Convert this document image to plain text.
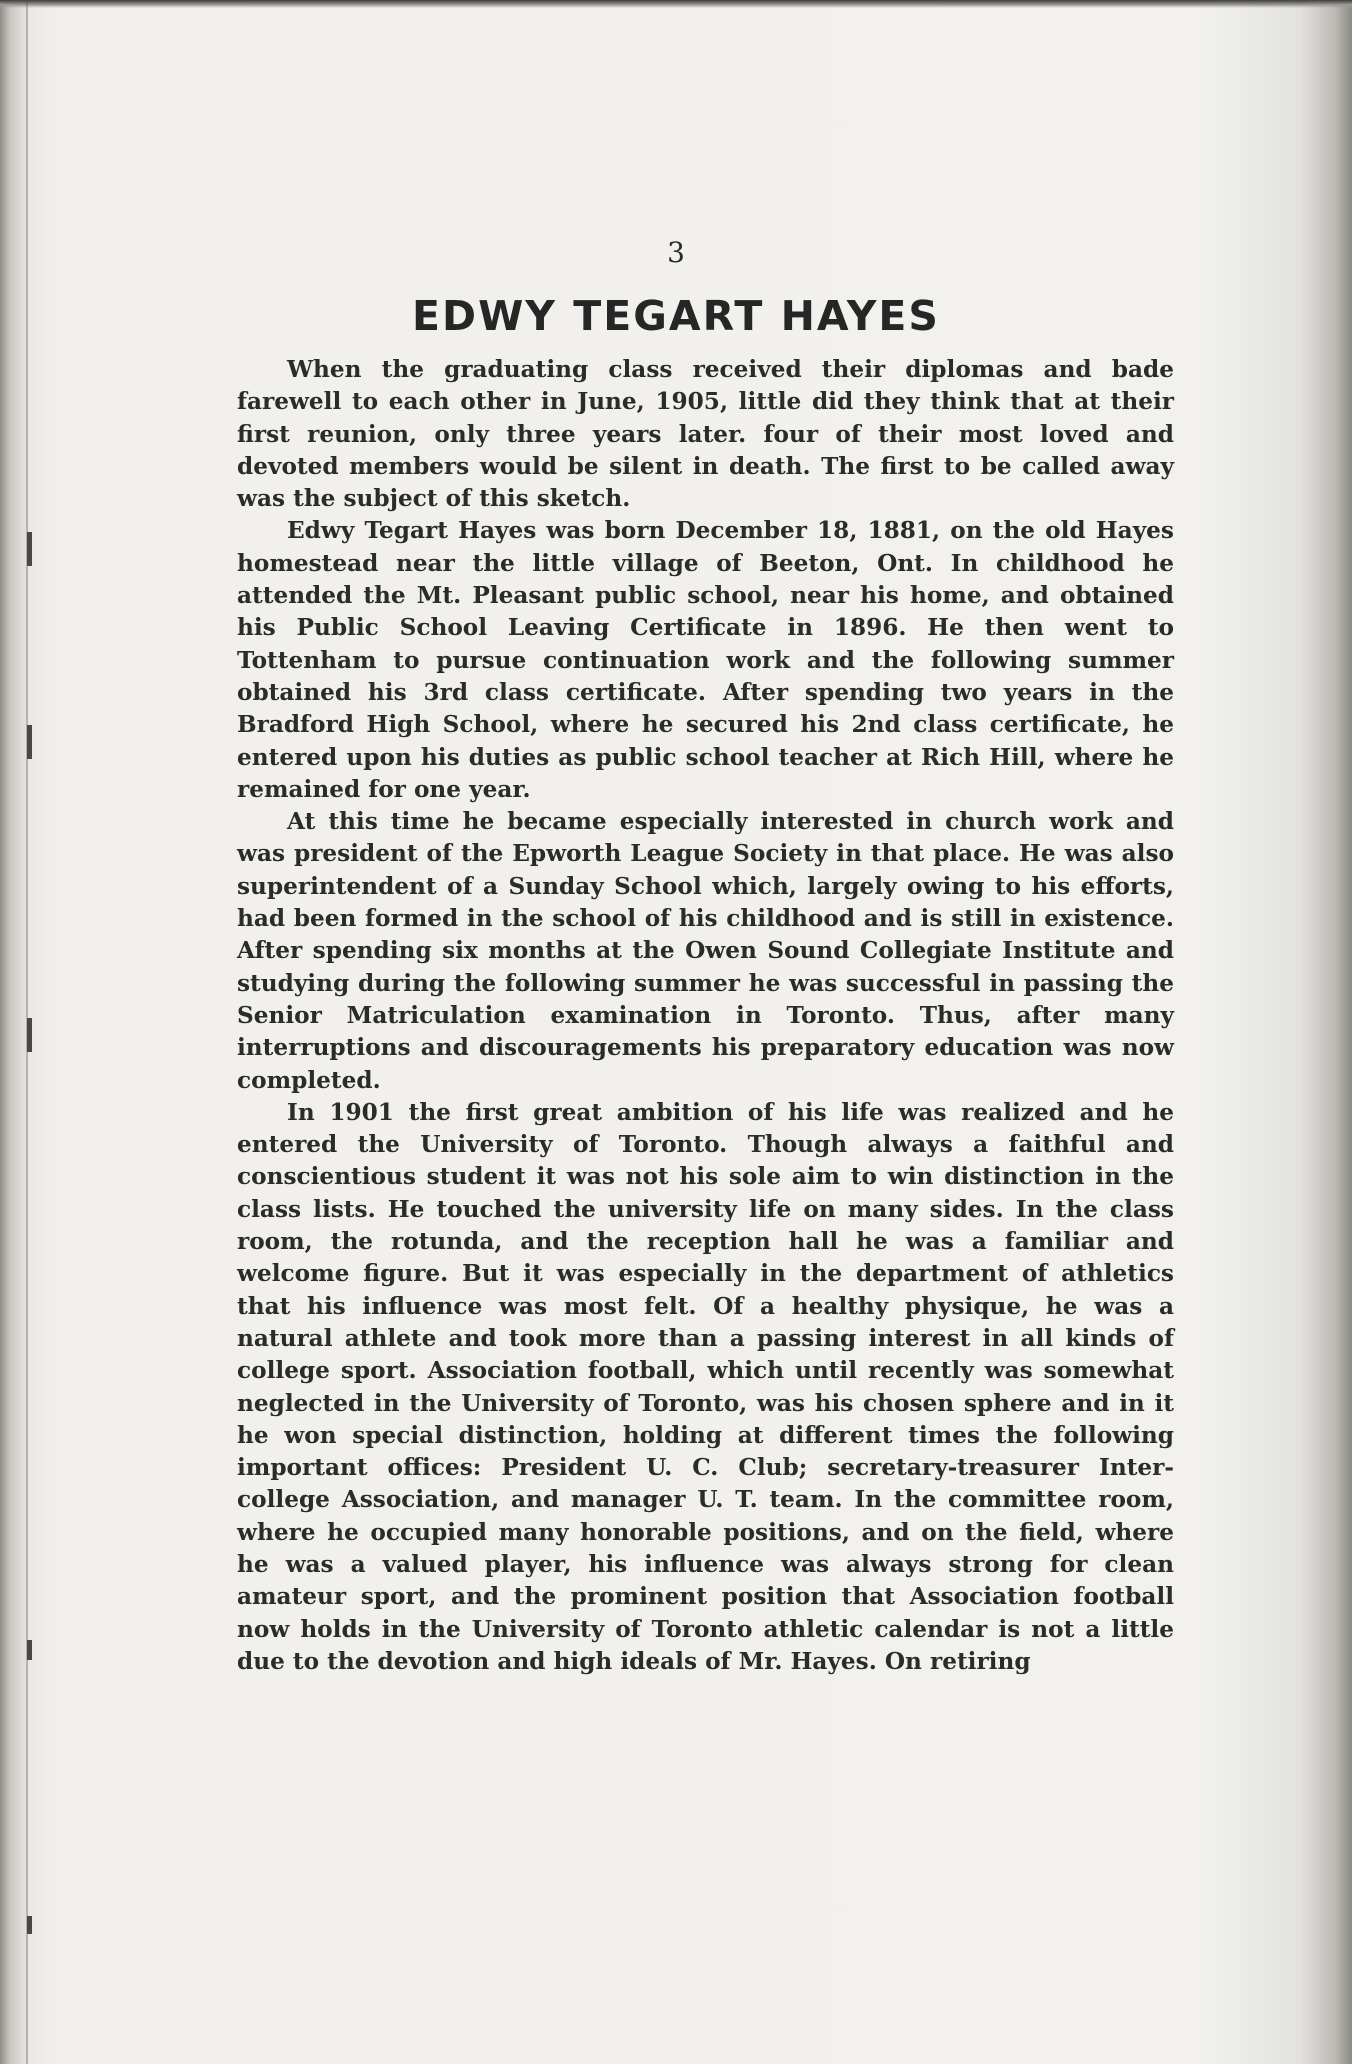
3
EDWY TEGART HAYES

When the graduating class received their diplomas and bade farewell to each other in June, 1905, little did they think that at their first reunion, only three years later. four of their most loved and devoted members would be silent in death. The first to be called away was the subject of this sketch.

Edwy Tegart Hayes was born December 18, 1881, on the old Hayes homestead near the little village of Beeton, Ont. In childhood he attended the Mt. Pleasant public school, near his home, and obtained his Public School Leaving Certificate in 1896. He then went to Tottenham to pursue continuation work and the following summer obtained his 3rd class certificate. After spending two years in the Bradford High School, where he secured his 2nd class certificate, he entered upon his duties as public school teacher at Rich Hill, where he remained for one year.

At this time he became especially interested in church work and was president of the Epworth League Society in that place. He was also superintendent of a Sunday School which, largely owing to his efforts, had been formed in the school of his childhood and is still in existence. After spending six months at the Owen Sound Collegiate Institute and studying during the following summer he was successful in passing the Senior Matriculation examination in Toronto. Thus, after many interruptions and discouragements his preparatory education was now completed.

In 1901 the first great ambition of his life was realized and he entered the University of Toronto. Though always a faithful and conscientious student it was not his sole aim to win distinction in the class lists. He touched the university life on many sides. In the class room, the rotunda, and the reception hall he was a familiar and welcome figure. But it was especially in the department of athletics that his influence was most felt. Of a healthy physique, he was a natural athlete and took more than a passing interest in all kinds of college sport. Association football, which until recently was somewhat neglected in the University of Toronto, was his chosen sphere and in it he won special distinction, holding at different times the following important offices: President U. C. Club; secretary-treasurer Inter-college Association, and manager U. T. team. In the committee room, where he occupied many honorable positions, and on the field, where he was a valued player, his influence was always strong for clean amateur sport, and the prominent position that Association football now holds in the University of Toronto athletic calendar is not a little due to the devotion and high ideals of Mr. Hayes. On retiring
